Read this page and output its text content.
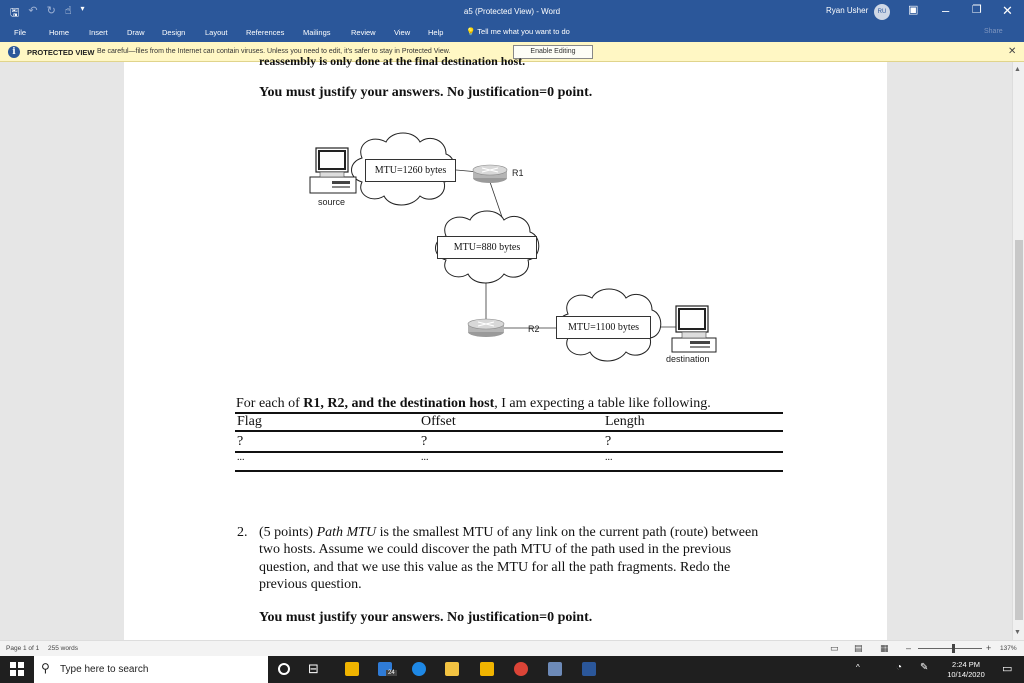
🖫 ↶ ↻ ☝ ▾	a5 (Protected View) - Word	Ryan Usher	RU	▣ – ❐ ✕
File	Home	Insert	Draw Design	Layout References Mailings	Review View Help	💡 Tell me what you want to do	Share
i	PROTECTED VIEW Be careful—files from the Internet can contain viruses. Unless you need to edit, it's safer to stay in Protected View.	Enable Editing	✕
reassembly is only done at the final destination host.
You must justify your answers. No justification=0 point.
MTU=1260 bytes
MTU=880 bytes
MTU=1100 bytes
R1
R2
source
destination
For each of R1, R2, and the destination host, I am expecting a table like following.
Flag	Offset	Length
?	?	?
...	...	...
2. (5 points) Path MTU is the smallest MTU of any link on the current path (route) between two hosts. Assume we could discover the path MTU of the path used in the previous question, and that we use this value as the MTU for all the path fragments. Redo the previous question.
You must justify your answers. No justification=0 point.
▲
▼
Page 1 of 1 255 words	▭ ▤ ▦ –	+ 137%
⚲ Type here to search	⊟	24
^	◔ ✎	2:24 PM
10/14/2020	▭
